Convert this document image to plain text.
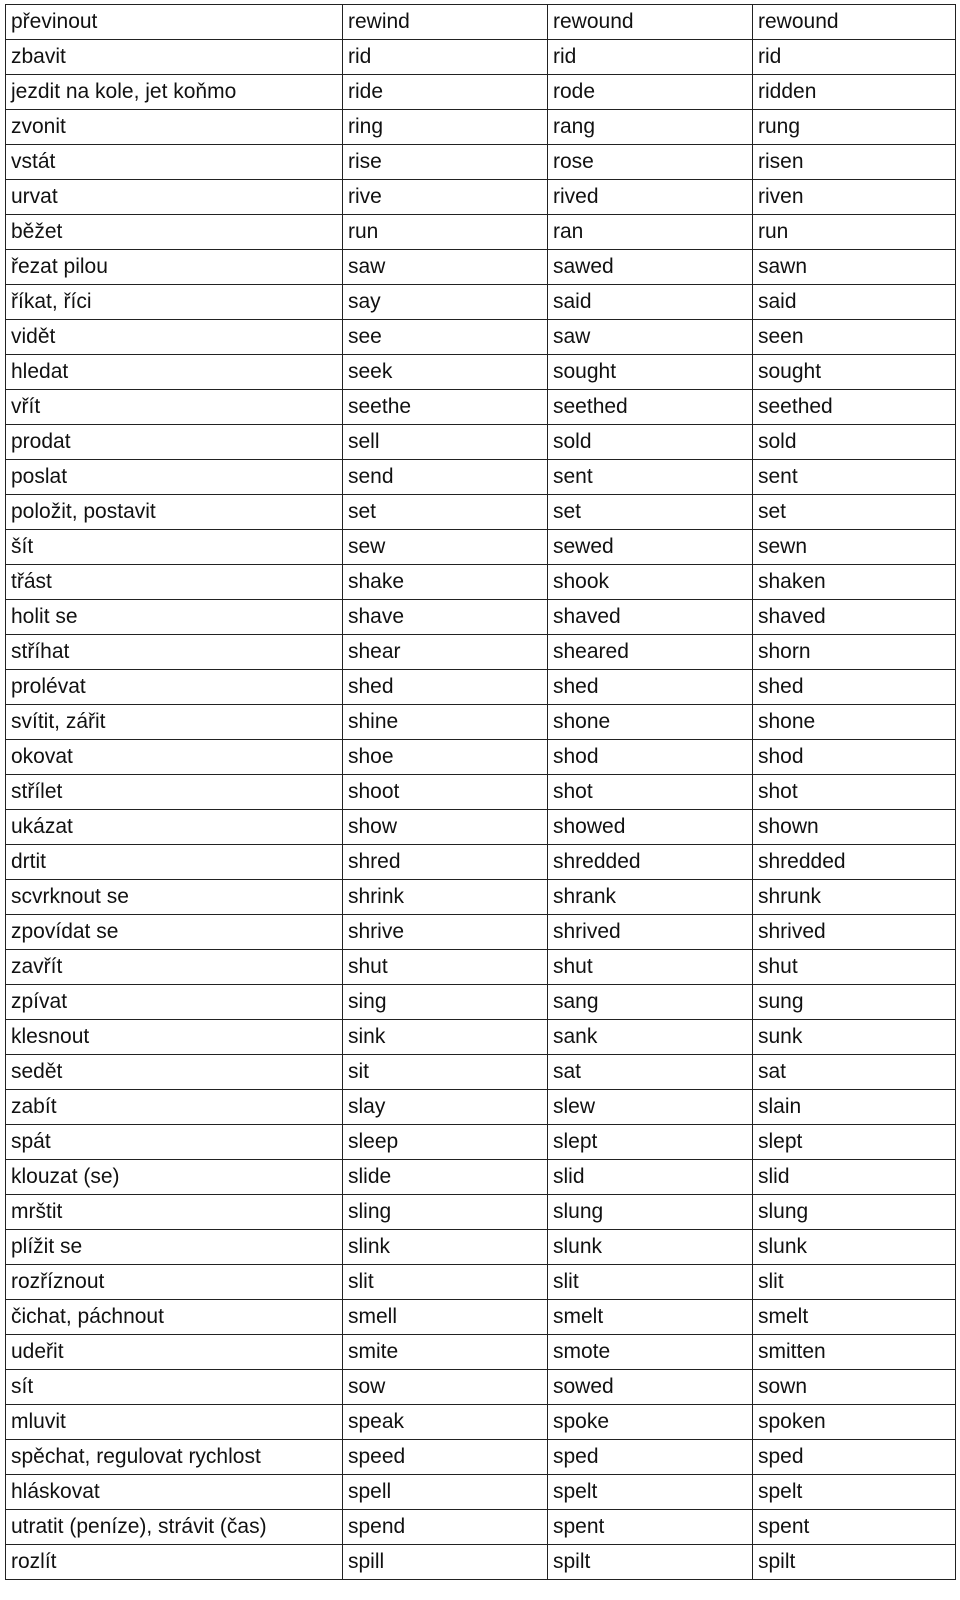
převinout	rewind	rewound	rewound
zbavit	rid	rid	rid
jezdit na kole, jet koňmo	ride	rode	ridden
zvonit	ring	rang	rung
vstát	rise	rose	risen
urvat	rive	rived	riven
běžet	run	ran	run
řezat pilou	saw	sawed	sawn
říkat, říci	say	said	said
vidět	see	saw	seen
hledat	seek	sought	sought
vřít	seethe	seethed	seethed
prodat	sell	sold	sold
poslat	send	sent	sent
položit, postavit	set	set	set
šít	sew	sewed	sewn
třást	shake	shook	shaken
holit se	shave	shaved	shaved
stříhat	shear	sheared	shorn
prolévat	shed	shed	shed
svítit, zářit	shine	shone	shone
okovat	shoe	shod	shod
střílet	shoot	shot	shot
ukázat	show	showed	shown
drtit	shred	shredded	shredded
scvrknout se	shrink	shrank	shrunk
zpovídat se	shrive	shrived	shrived
zavřít	shut	shut	shut
zpívat	sing	sang	sung
klesnout	sink	sank	sunk
sedět	sit	sat	sat
zabít	slay	slew	slain
spát	sleep	slept	slept
klouzat (se)	slide	slid	slid
mrštit	sling	slung	slung
plížit se	slink	slunk	slunk
rozříznout	slit	slit	slit
čichat, páchnout	smell	smelt	smelt
udeřit	smite	smote	smitten
sít	sow	sowed	sown
mluvit	speak	spoke	spoken
spěchat, regulovat rychlost	speed	sped	sped
hláskovat	spell	spelt	spelt
utratit (peníze), strávit (čas)	spend	spent	spent
rozlít	spill	spilt	spilt
